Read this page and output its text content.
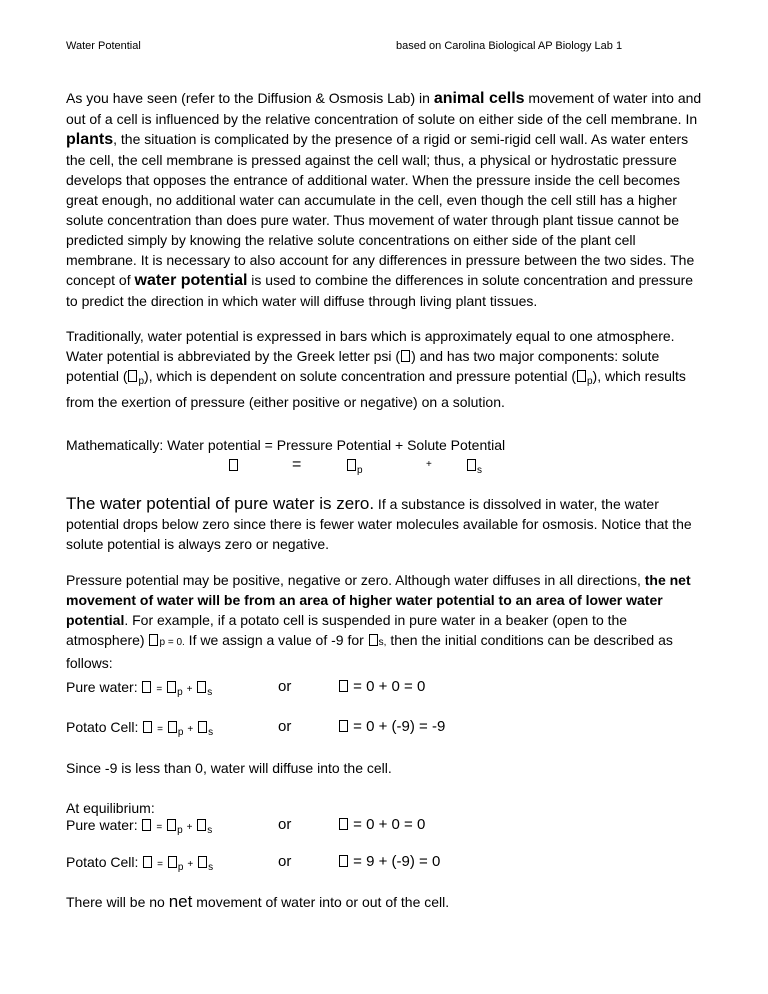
Water Potential	based on Carolina Biological AP Biology Lab 1

As you have seen (refer to the Diffusion & Osmosis Lab) in animal cells movement of water into and out of a cell is influenced by the relative concentration of solute on either side of the cell membrane. In plants, the situation is complicated by the presence of a rigid or semi-rigid cell wall. As water enters the cell, the cell membrane is pressed against the cell wall; thus, a physical or hydrostatic pressure develops that opposes the entrance of additional water. When the pressure inside the cell becomes great enough, no additional water can accumulate in the cell, even though the cell still has a higher solute concentration than does pure water. Thus movement of water through plant tissue cannot be predicted simply by knowing the relative solute concentrations on either side of the plant cell membrane. It is necessary to also account for any differences in pressure between the two sides. The concept of water potential is used to combine the differences in solute concentration and pressure to predict the direction in which water will diffuse through living plant tissues.

Traditionally, water potential is expressed in bars which is approximately equal to one atmosphere. Water potential is abbreviated by the Greek letter psi ( ) and has two major components: solute potential ( $_p$), which is dependent on solute concentration and pressure potential ( $_p$), which results from the exertion of pressure (either positive or negative) on a solution.

Mathematically: Water potential = Pressure Potential + Solute Potential
=	$_p$
+
$_s$

The water potential of pure water is zero. If a substance is dissolved in water, the water potential drops below zero since there is fewer water molecules available for osmosis. Notice that the solute potential is always zero or negative.

Pressure potential may be positive, negative or zero. Although water diffuses in all directions, the net movement of water will be from an area of higher water potential to an area of lower water potential. For example, if a potato cell is suspended in pure water in a beaker (open to the atmosphere) p = 0. If we assign a value of -9 for s, then the initial conditions can be described as follows:

Pure water: = $_p$ + $_s$	or	= 0 + 0 = 0
Potato Cell: = $_p$ + $_s$	or	= 0 + (-9) = -9
Since -9 is less than 0, water will diffuse into the cell.
At equilibrium:
Pure water: = $_p$ + $_s$	or	= 0 + 0 = 0
Potato Cell: = $_p$ + $_s$	or	= 9 + (-9) = 0
There will be no net movement of water into or out of the cell.
